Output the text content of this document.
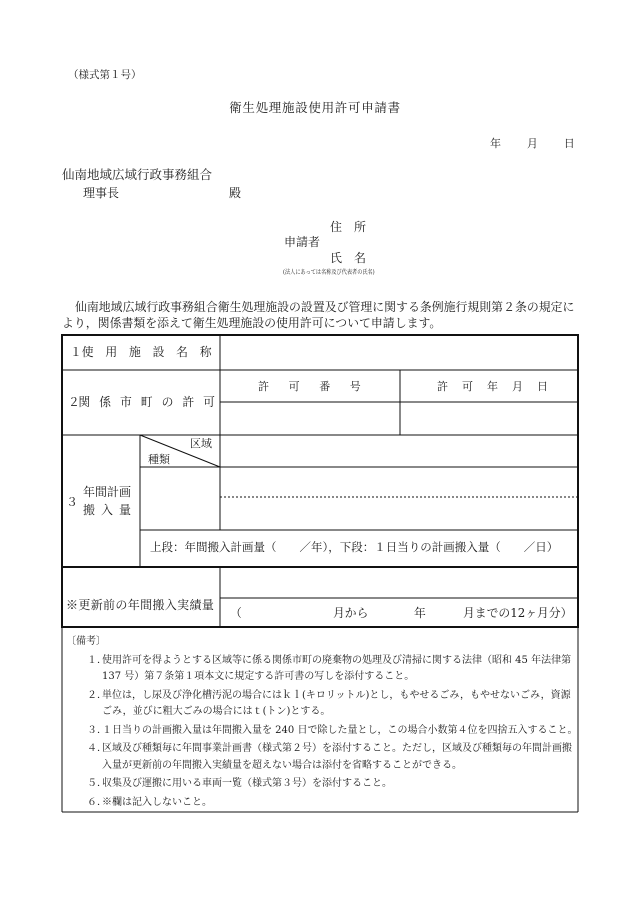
（様式第１号）
衛生処理施設使用許可申請書
年　　月　　日
仙南地域広域行政事務組合
理事長	殿
住　所
申請者
氏　名
(法人にあっては名称及び代表者の氏名)
仙南地域広域行政事務組合衛生処理施設の設置及び管理に関する条例施行規則第２条の規定に
より，関係書類を添えて衛生処理施設の使用許可について申請します。
１使　用　施　設　名　称
２関　係　市　町　の　許　可
許　可　番　号	許　可　年　月　日
３
年間計画
搬 入 量
区域
種類
上段：年間搬入計画量（　　／年），下段：１日当りの計画搬入量（　　／日）
※更新前の年間搬入実績量
（	月から	年	月までの12ヶ月分）
〔備考〕
１．
使用許可を得ようとする区域等に係る関係市町の廃棄物の処理及び清掃に関する法律（昭和 45 年法律第
137 号）第７条第１項本文に規定する許可書の写しを添付すること。
２．
単位は，し尿及び浄化槽汚泥の場合にはｋｌ(キロリットル)とし，もやせるごみ，もやせないごみ，資源
ごみ，並びに粗大ごみの場合にはｔ(トン)とする。
３．
１日当りの計画搬入量は年間搬入量を 240 日で除した量とし，この場合小数第４位を四捨五入すること。
４．
区域及び種類毎に年間事業計画書（様式第２号）を添付すること。ただし，区域及び種類毎の年間計画搬
入量が更新前の年間搬入実績量を超えない場合は添付を省略することができる。
５．
収集及び運搬に用いる車両一覧（様式第３号）を添付すること。
６．
※欄は記入しないこと。
